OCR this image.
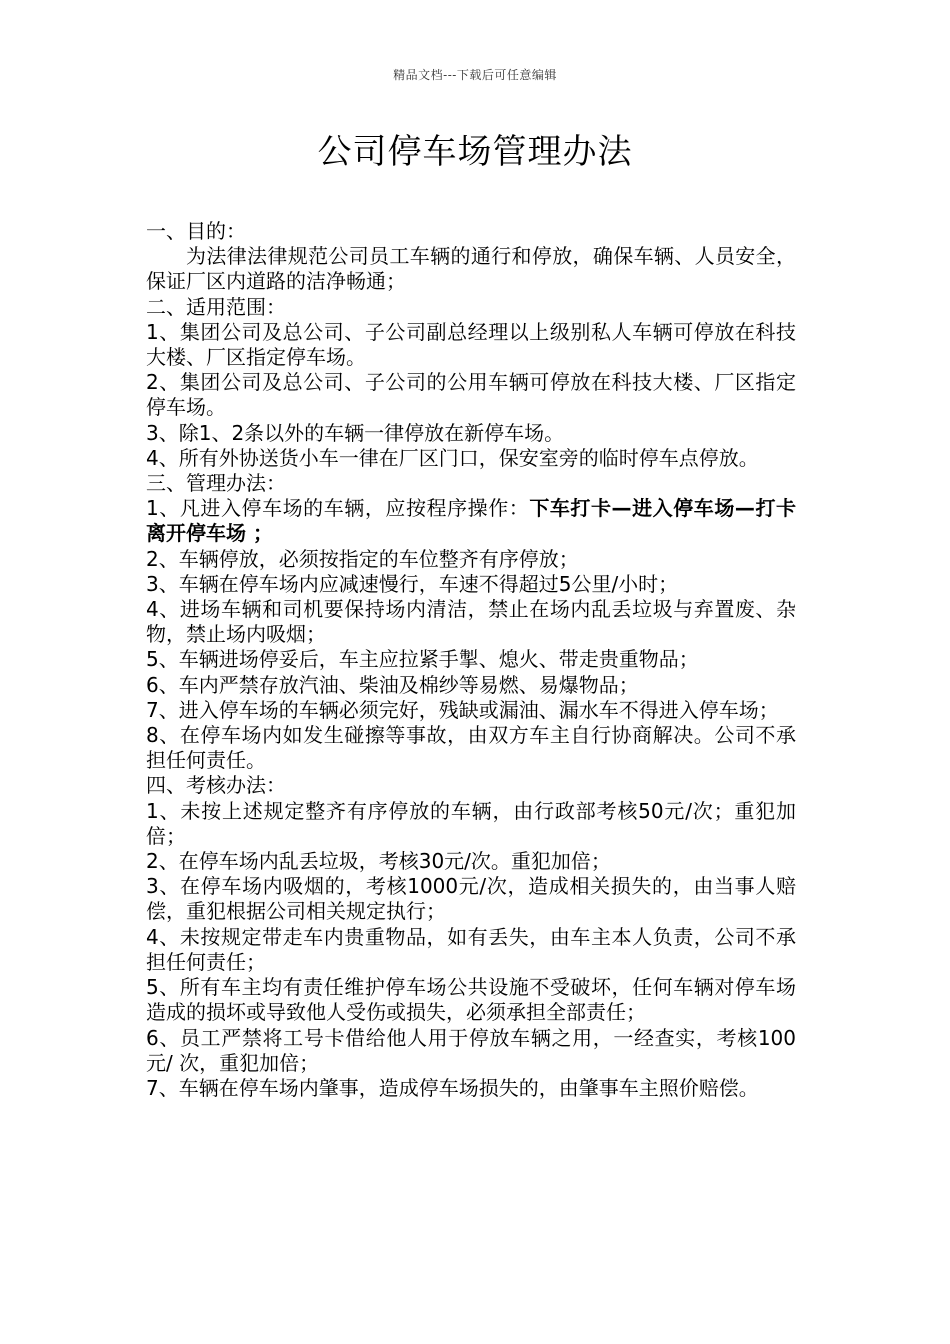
精品文档---下载后可任意编辑
公司停车场管理办法

一、目的：

为法律法律规范公司员工车辆的通行和停放，确保车辆、人员安全，保证厂区内道路的洁净畅通；

二、适用范围：

1、集团公司及总公司、子公司副总经理以上级别私人车辆可停放在科技大楼、厂区指定停车场。

2、集团公司及总公司、子公司的公用车辆可停放在科技大楼、厂区指定停车场。

3、除1、2条以外的车辆一律停放在新停车场。

4、所有外协送货小车一律在厂区门口，保安室旁的临时停车点停放。

三、管理办法：

1、凡进入停车场的车辆，应按程序操作：下车打卡—进入停车场—打卡离开停车场 ；

2、车辆停放，必须按指定的车位整齐有序停放；

3、车辆在停车场内应减速慢行，车速不得超过5公里/小时；

4、进场车辆和司机要保持场内清洁，禁止在场内乱丢垃圾与弃置废、杂物，禁止场内吸烟；

5、车辆进场停妥后，车主应拉紧手掣、熄火、带走贵重物品；

6、车内严禁存放汽油、柴油及棉纱等易燃、易爆物品；

7、进入停车场的车辆必须完好，残缺或漏油、漏水车不得进入停车场；

8、在停车场内如发生碰擦等事故，由双方车主自行协商解决。公司不承担任何责任。

四、考核办法：

1、未按上述规定整齐有序停放的车辆，由行政部考核50元/次；重犯加倍；

2、在停车场内乱丢垃圾，考核30元/次。重犯加倍；

3、在停车场内吸烟的，考核1000元/次，造成相关损失的，由当事人赔偿，重犯根据公司相关规定执行；

4、未按规定带走车内贵重物品，如有丢失，由车主本人负责，公司不承担任何责任；

5、所有车主均有责任维护停车场公共设施不受破坏，任何车辆对停车场造成的损坏或导致他人受伤或损失，必须承担全部责任；

6、员工严禁将工号卡借给他人用于停放车辆之用，一经查实，考核100元/ 次，重犯加倍；

7、车辆在停车场内肇事，造成停车场损失的，由肇事车主照价赔偿。
